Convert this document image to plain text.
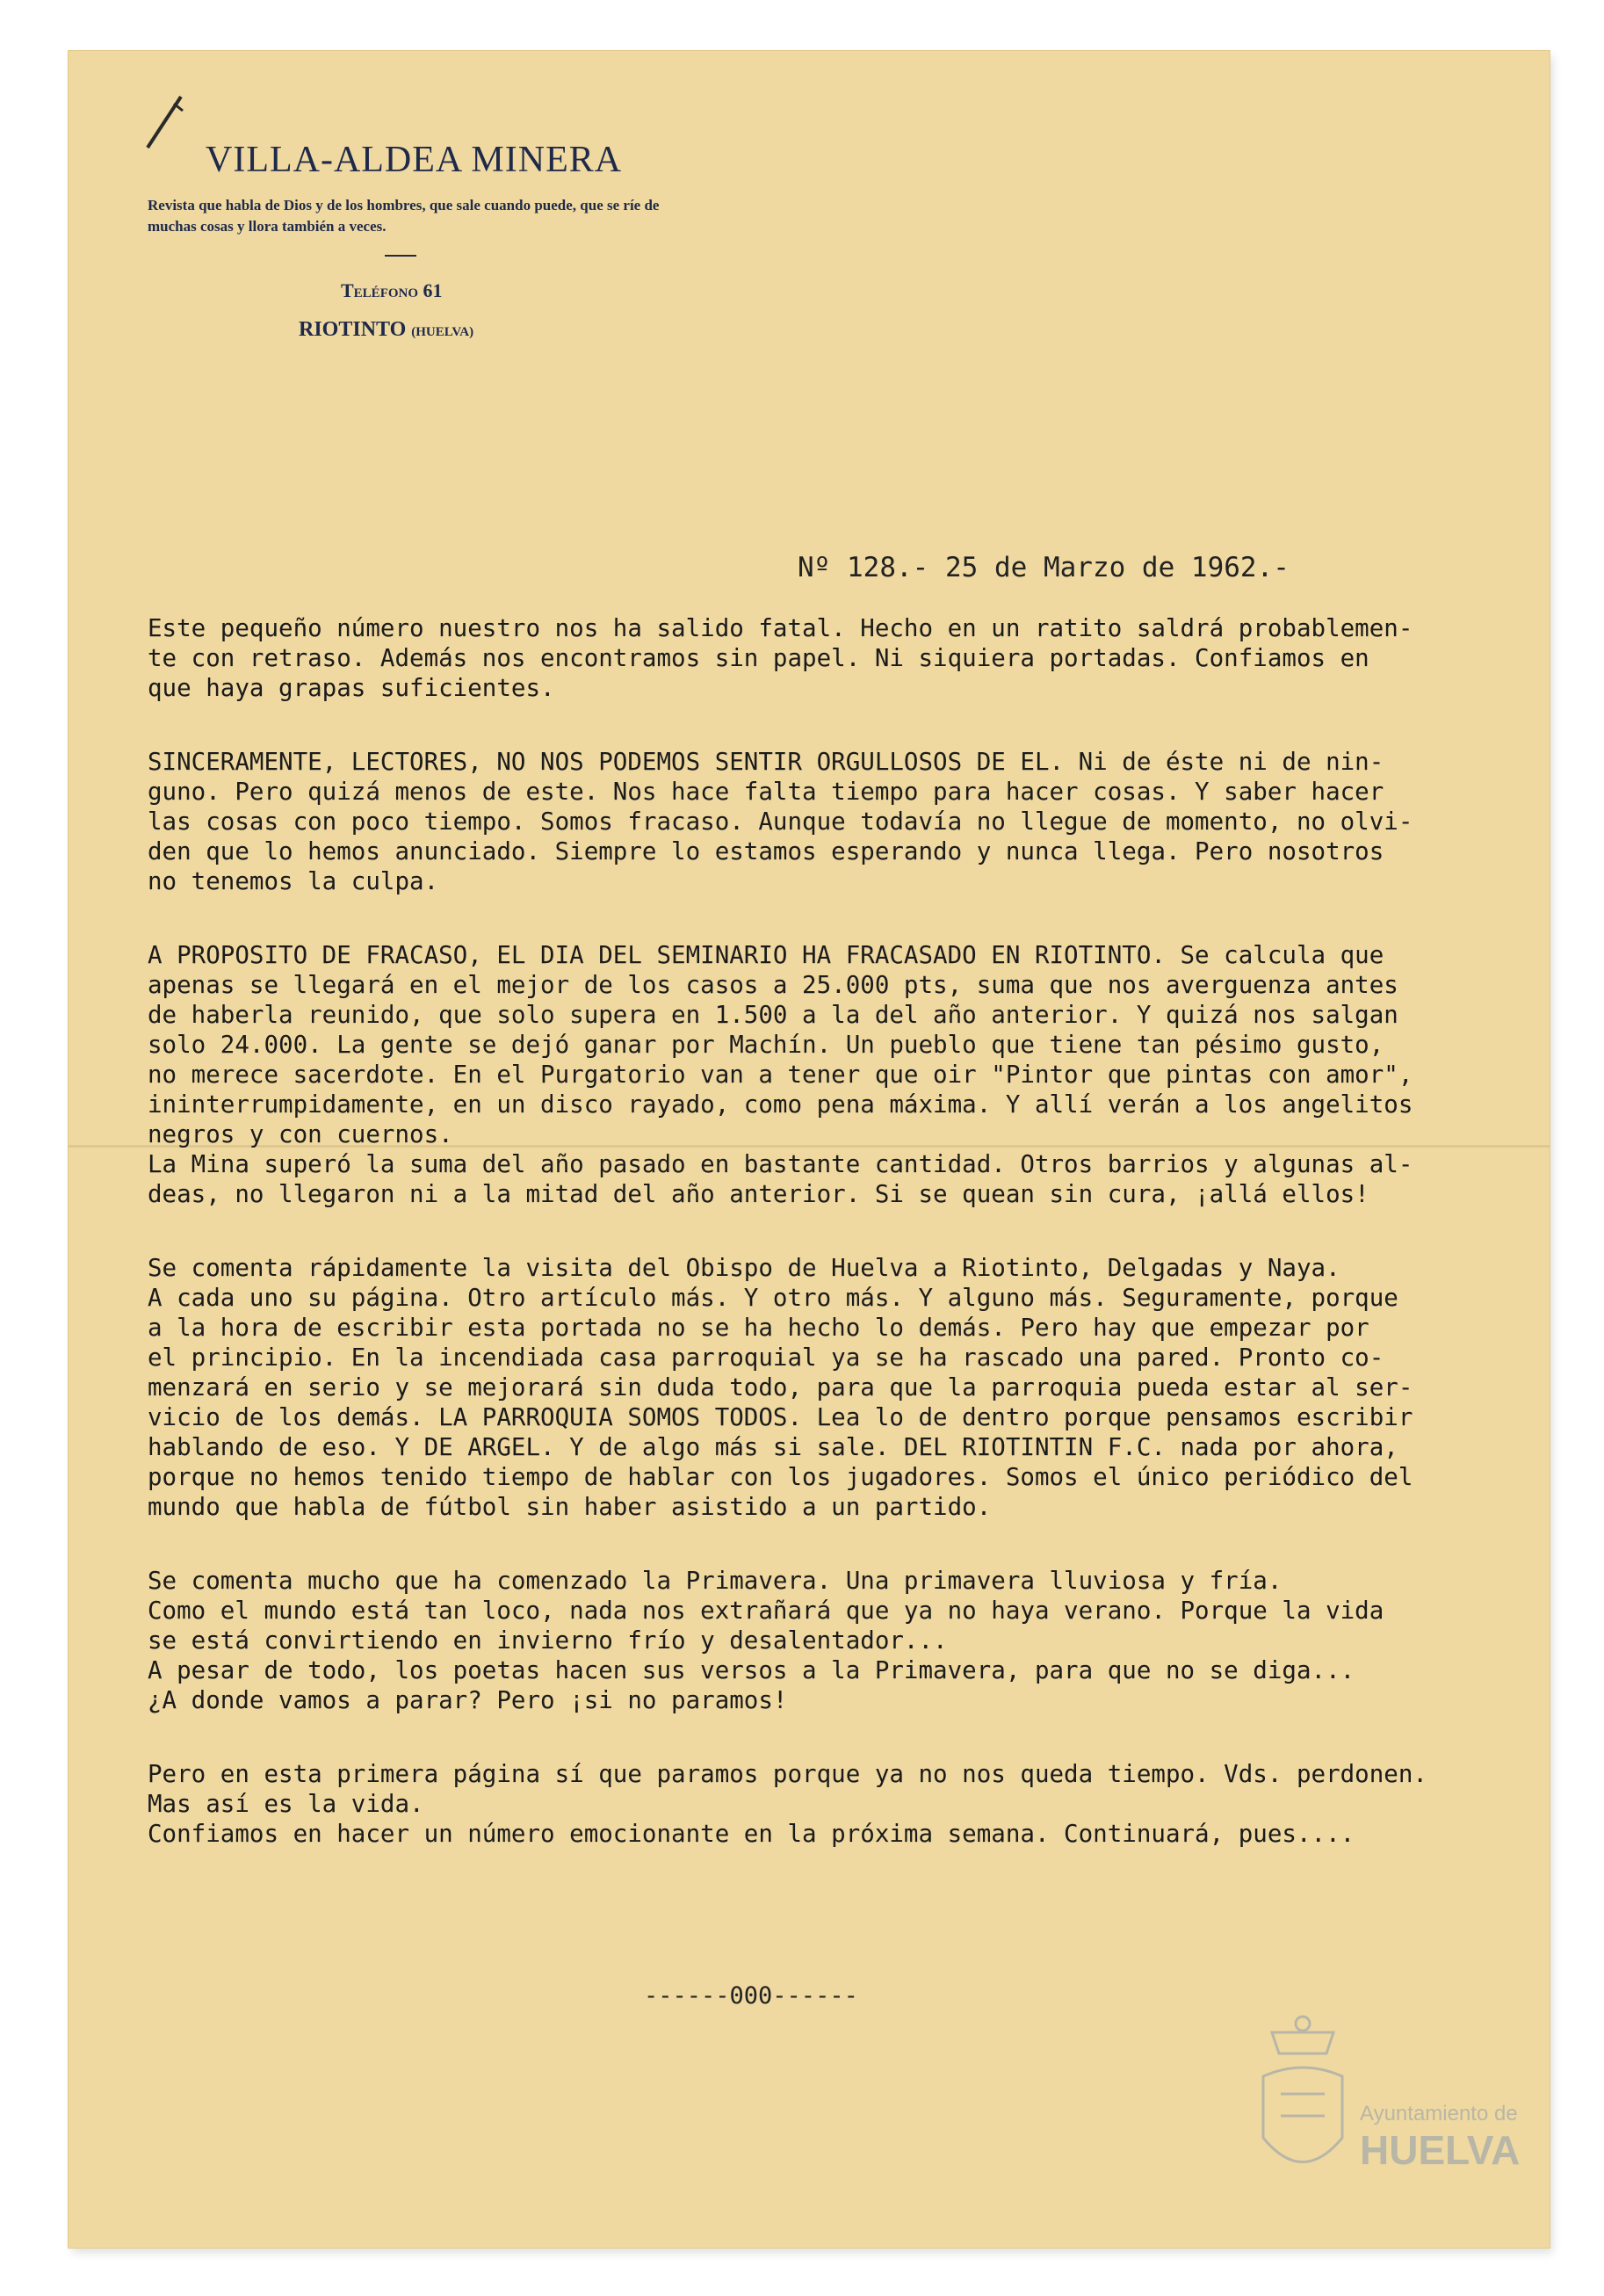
VILLA-ALDEA MINERA
Revista que habla de Dios y de los hombres, que sale cuando puede, que se ríe de muchas cosas y llora también a veces.
Teléfono 61
RIOTINTO (HUELVA)
Nº 128.- 25 de Marzo de 1962.-

Este pequeño número nuestro nos ha salido fatal. Hecho en un ratito saldrá probablemen-
te con retraso. Además nos encontramos sin papel. Ni siquiera portadas. Confiamos en
que haya grapas suficientes.

SINCERAMENTE, LECTORES, NO NOS PODEMOS SENTIR ORGULLOSOS DE EL. Ni de éste ni de nin-
guno. Pero quizá menos de este. Nos hace falta tiempo para hacer cosas. Y saber hacer
las cosas con poco tiempo. Somos fracaso. Aunque todavía no llegue de momento, no olvi-
den que lo hemos anunciado. Siempre lo estamos esperando y nunca llega. Pero nosotros
no tenemos la culpa.

A PROPOSITO DE FRACASO, EL DIA DEL SEMINARIO HA FRACASADO EN RIOTINTO. Se calcula que
apenas se llegará en el mejor de los casos a 25.000 pts, suma que nos averguenza antes
de haberla reunido, que solo supera en 1.500 a la del año anterior. Y quizá nos salgan
solo 24.000. La gente se dejó ganar por Machín. Un pueblo que tiene tan pésimo gusto,
no merece sacerdote. En el Purgatorio van a tener que oir "Pintor que pintas con amor",
ininterrumpidamente, en un disco rayado, como pena máxima. Y allí verán a los angelitos
negros y con cuernos.
La Mina superó la suma del año pasado en bastante cantidad. Otros barrios y algunas al-
deas, no llegaron ni a la mitad del año anterior. Si se quean sin cura, ¡allá ellos!

Se comenta rápidamente la visita del Obispo de Huelva a Riotinto, Delgadas y Naya.
A cada uno su página. Otro artículo más. Y otro más. Y alguno más. Seguramente, porque
a la hora de escribir esta portada no se ha hecho lo demás. Pero hay que empezar por
el principio. En la incendiada casa parroquial ya se ha rascado una pared. Pronto co-
menzará en serio y se mejorará sin duda todo, para que la parroquia pueda estar al ser-
vicio de los demás. LA PARROQUIA SOMOS TODOS. Lea lo de dentro porque pensamos escribir
hablando de eso. Y DE ARGEL. Y de algo más si sale. DEL RIOTINTIN F.C. nada por ahora,
porque no hemos tenido tiempo de hablar con los jugadores. Somos el único periódico del
mundo que habla de fútbol sin haber asistido a un partido.

Se comenta mucho que ha comenzado la Primavera. Una primavera lluviosa y fría.
Como el mundo está tan loco, nada nos extrañará que ya no haya verano. Porque la vida
se está convirtiendo en invierno frío y desalentador...
A pesar de todo, los poetas hacen sus versos a la Primavera, para que no se diga...
¿A donde vamos a parar? Pero ¡si no paramos!

Pero en esta primera página sí que paramos porque ya no nos queda tiempo. Vds. perdonen.
Mas así es la vida.
Confiamos en hacer un número emocionante en la próxima semana. Continuará, pues....

------000------
Ayuntamiento de
HUELVA
